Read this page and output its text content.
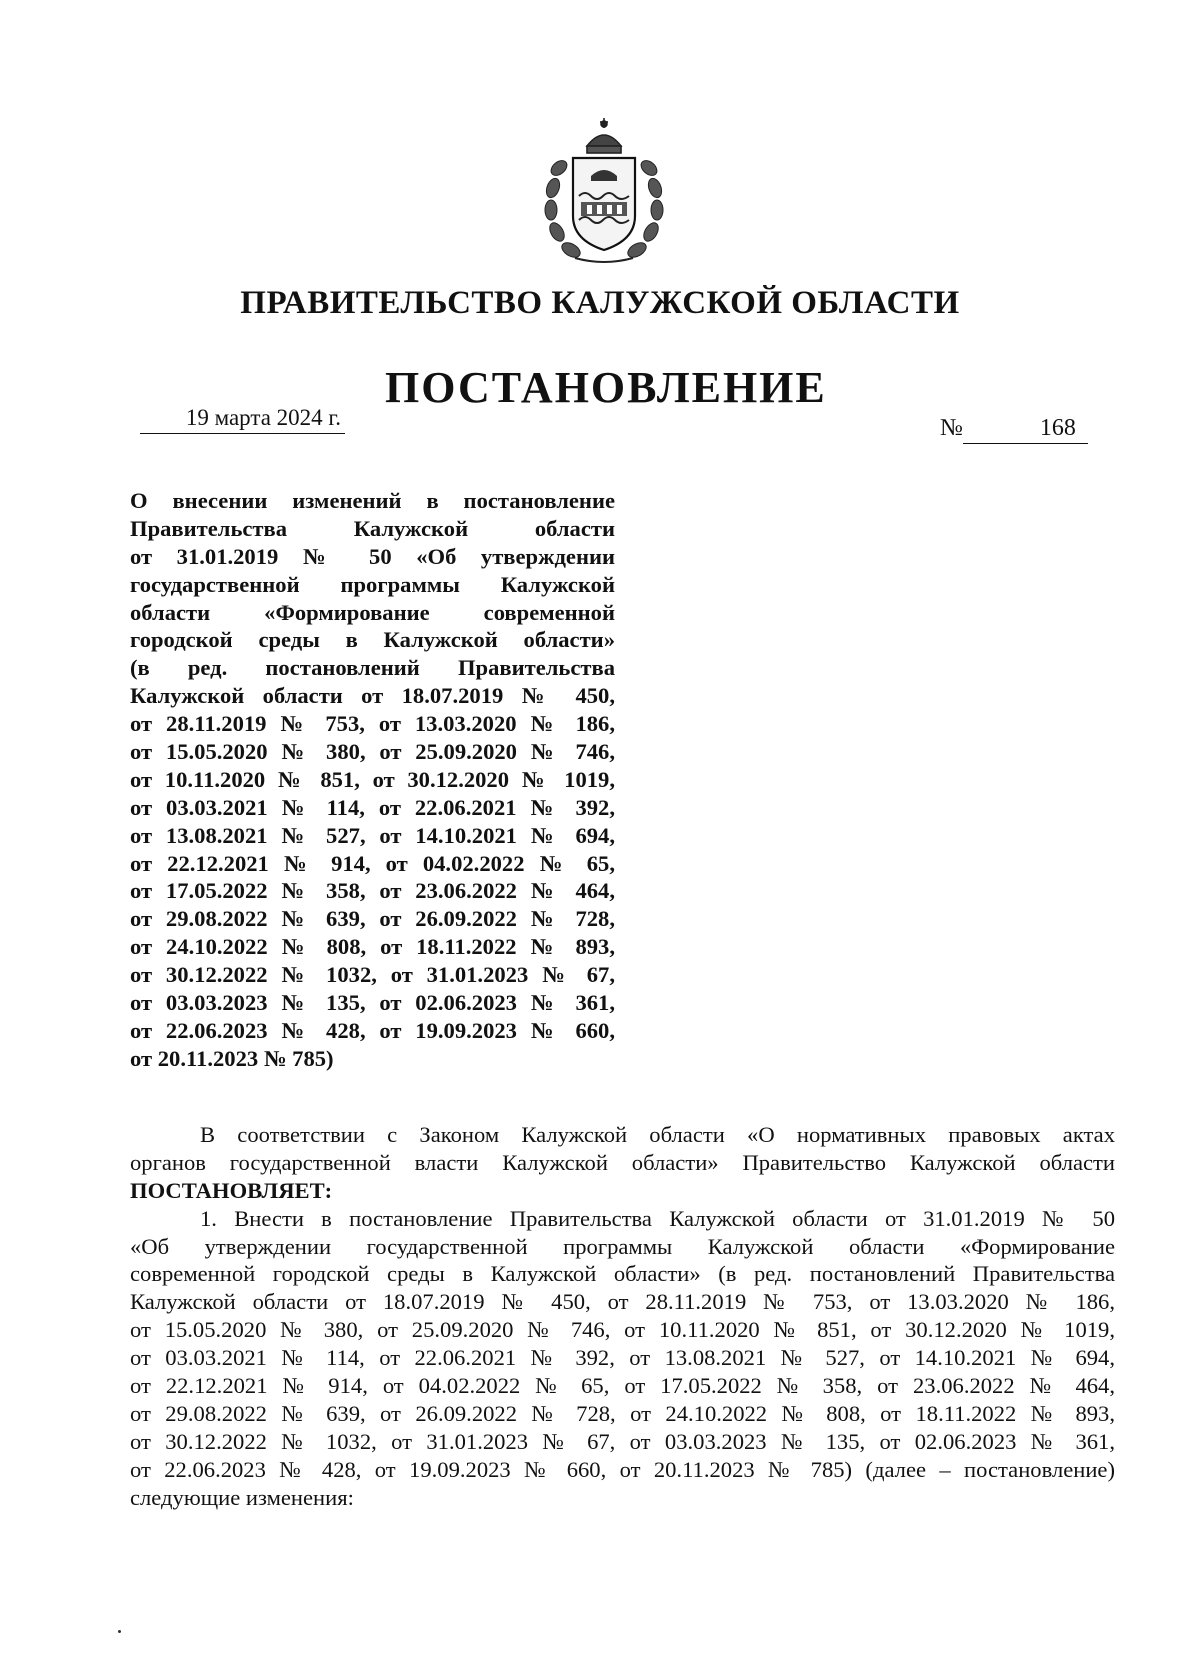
ПРАВИТЕЛЬСТВО КАЛУЖСКОЙ ОБЛАСТИ
ПОСТАНОВЛЕНИЕ
19 марта 2024 г.	№	168
О внесении изменений в постановление
Правительства Калужской области
от 31.01.2019 № 50 «Об утверждении
государственной программы Калужской
области «Формирование современной
городской среды в Калужской области»
(в ред. постановлений Правительства
Калужской области от 18.07.2019 № 450,
от 28.11.2019 № 753, от 13.03.2020 № 186,
от 15.05.2020 № 380, от 25.09.2020 № 746,
от 10.11.2020 № 851, от 30.12.2020 № 1019,
от 03.03.2021 № 114, от 22.06.2021 № 392,
от 13.08.2021 № 527, от 14.10.2021 № 694,
от 22.12.2021 № 914, от 04.02.2022 № 65,
от 17.05.2022 № 358, от 23.06.2022 № 464,
от 29.08.2022 № 639, от 26.09.2022 № 728,
от 24.10.2022 № 808, от 18.11.2022 № 893,
от 30.12.2022 № 1032, от 31.01.2023 № 67,
от 03.03.2023 № 135, от 02.06.2023 № 361,
от 22.06.2023 № 428, от 19.09.2023 № 660,
от 20.11.2023 № 785)
В соответствии с Законом Калужской области «О нормативных правовых актах
органов государственной власти Калужской области» Правительство Калужской области
ПОСТАНОВЛЯЕТ:
1. Внести в постановление Правительства Калужской области от 31.01.2019 № 50
«Об утверждении государственной программы Калужской области «Формирование
современной городской среды в Калужской области» (в ред. постановлений Правительства
Калужской области от 18.07.2019 № 450, от 28.11.2019 № 753, от 13.03.2020 № 186,
от 15.05.2020 № 380, от 25.09.2020 № 746, от 10.11.2020 № 851, от 30.12.2020 № 1019,
от 03.03.2021 № 114, от 22.06.2021 № 392, от 13.08.2021 № 527, от 14.10.2021 № 694,
от 22.12.2021 № 914, от 04.02.2022 № 65, от 17.05.2022 № 358, от 23.06.2022 № 464,
от 29.08.2022 № 639, от 26.09.2022 № 728, от 24.10.2022 № 808, от 18.11.2022 № 893,
от 30.12.2022 № 1032, от 31.01.2023 № 67, от 03.03.2023 № 135, от 02.06.2023 № 361,
от 22.06.2023 № 428, от 19.09.2023 № 660, от 20.11.2023 № 785) (далее – постановление)
следующие изменения:
